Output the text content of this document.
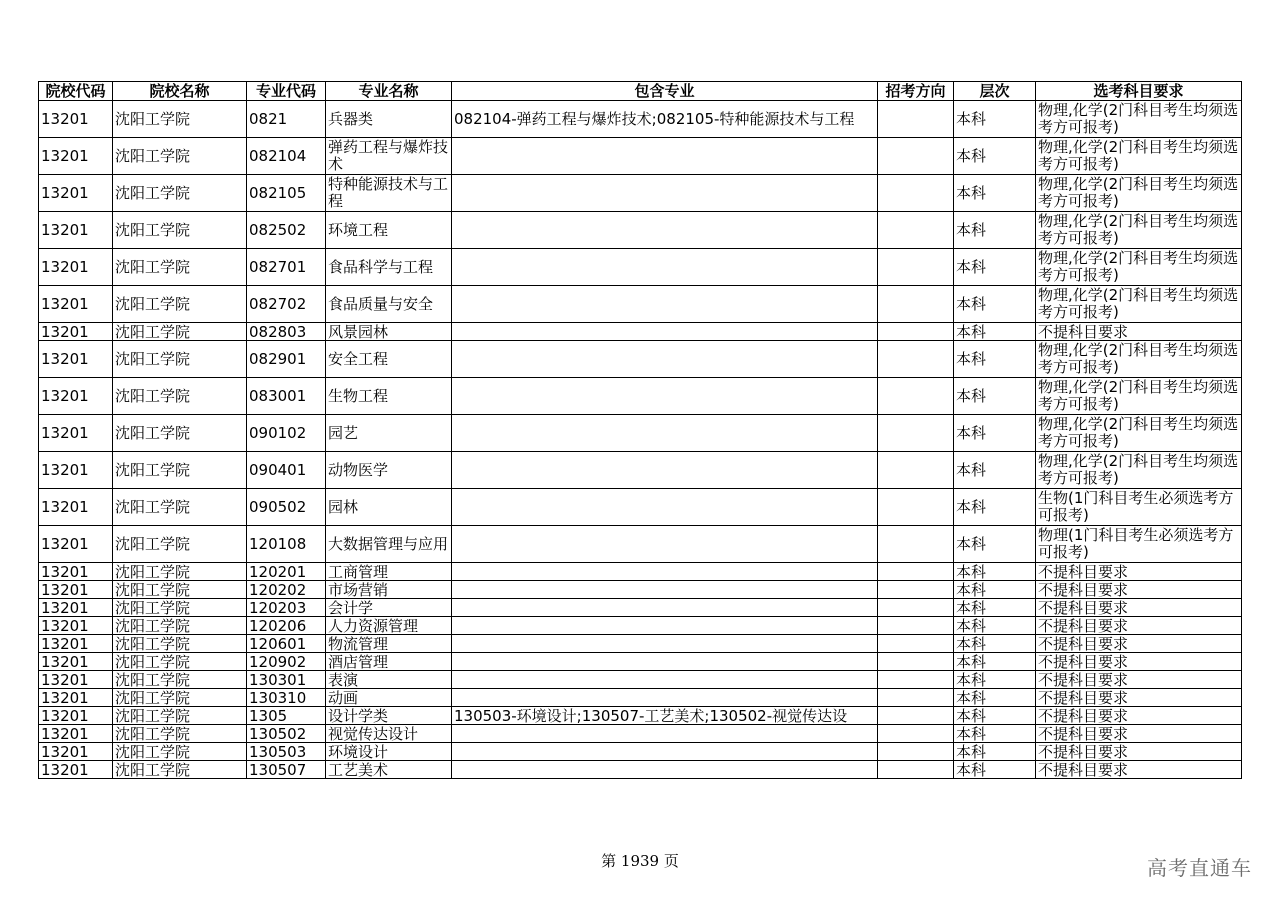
院校代码	院校名称	专业代码	专业名称	包含专业	招考方向	层次	选考科目要求
13201	沈阳工学院	0821	兵器类	082104-弹药工程与爆炸技术;082105-特种能源技术与工程		本科	物理,化学(2门科目考生均须选考方可报考)
13201	沈阳工学院	082104	弹药工程与爆炸技术			本科	物理,化学(2门科目考生均须选考方可报考)
13201	沈阳工学院	082105	特种能源技术与工程			本科	物理,化学(2门科目考生均须选考方可报考)
13201	沈阳工学院	082502	环境工程			本科	物理,化学(2门科目考生均须选考方可报考)
13201	沈阳工学院	082701	食品科学与工程			本科	物理,化学(2门科目考生均须选考方可报考)
13201	沈阳工学院	082702	食品质量与安全			本科	物理,化学(2门科目考生均须选考方可报考)
13201	沈阳工学院	082803	风景园林			本科	不提科目要求
13201	沈阳工学院	082901	安全工程			本科	物理,化学(2门科目考生均须选考方可报考)
13201	沈阳工学院	083001	生物工程			本科	物理,化学(2门科目考生均须选考方可报考)
13201	沈阳工学院	090102	园艺			本科	物理,化学(2门科目考生均须选考方可报考)
13201	沈阳工学院	090401	动物医学			本科	物理,化学(2门科目考生均须选考方可报考)
13201	沈阳工学院	090502	园林			本科	生物(1门科目考生必须选考方可报考)
13201	沈阳工学院	120108	大数据管理与应用			本科	物理(1门科目考生必须选考方可报考)
13201	沈阳工学院	120201	工商管理			本科	不提科目要求
13201	沈阳工学院	120202	市场营销			本科	不提科目要求
13201	沈阳工学院	120203	会计学			本科	不提科目要求
13201	沈阳工学院	120206	人力资源管理			本科	不提科目要求
13201	沈阳工学院	120601	物流管理			本科	不提科目要求
13201	沈阳工学院	120902	酒店管理			本科	不提科目要求
13201	沈阳工学院	130301	表演			本科	不提科目要求
13201	沈阳工学院	130310	动画			本科	不提科目要求
13201	沈阳工学院	1305	设计学类	130503-环境设计;130507-工艺美术;130502-视觉传达设		本科	不提科目要求
13201	沈阳工学院	130502	视觉传达设计			本科	不提科目要求
13201	沈阳工学院	130503	环境设计			本科	不提科目要求
13201	沈阳工学院	130507	工艺美术			本科	不提科目要求
第 1939 页	高考直通车
